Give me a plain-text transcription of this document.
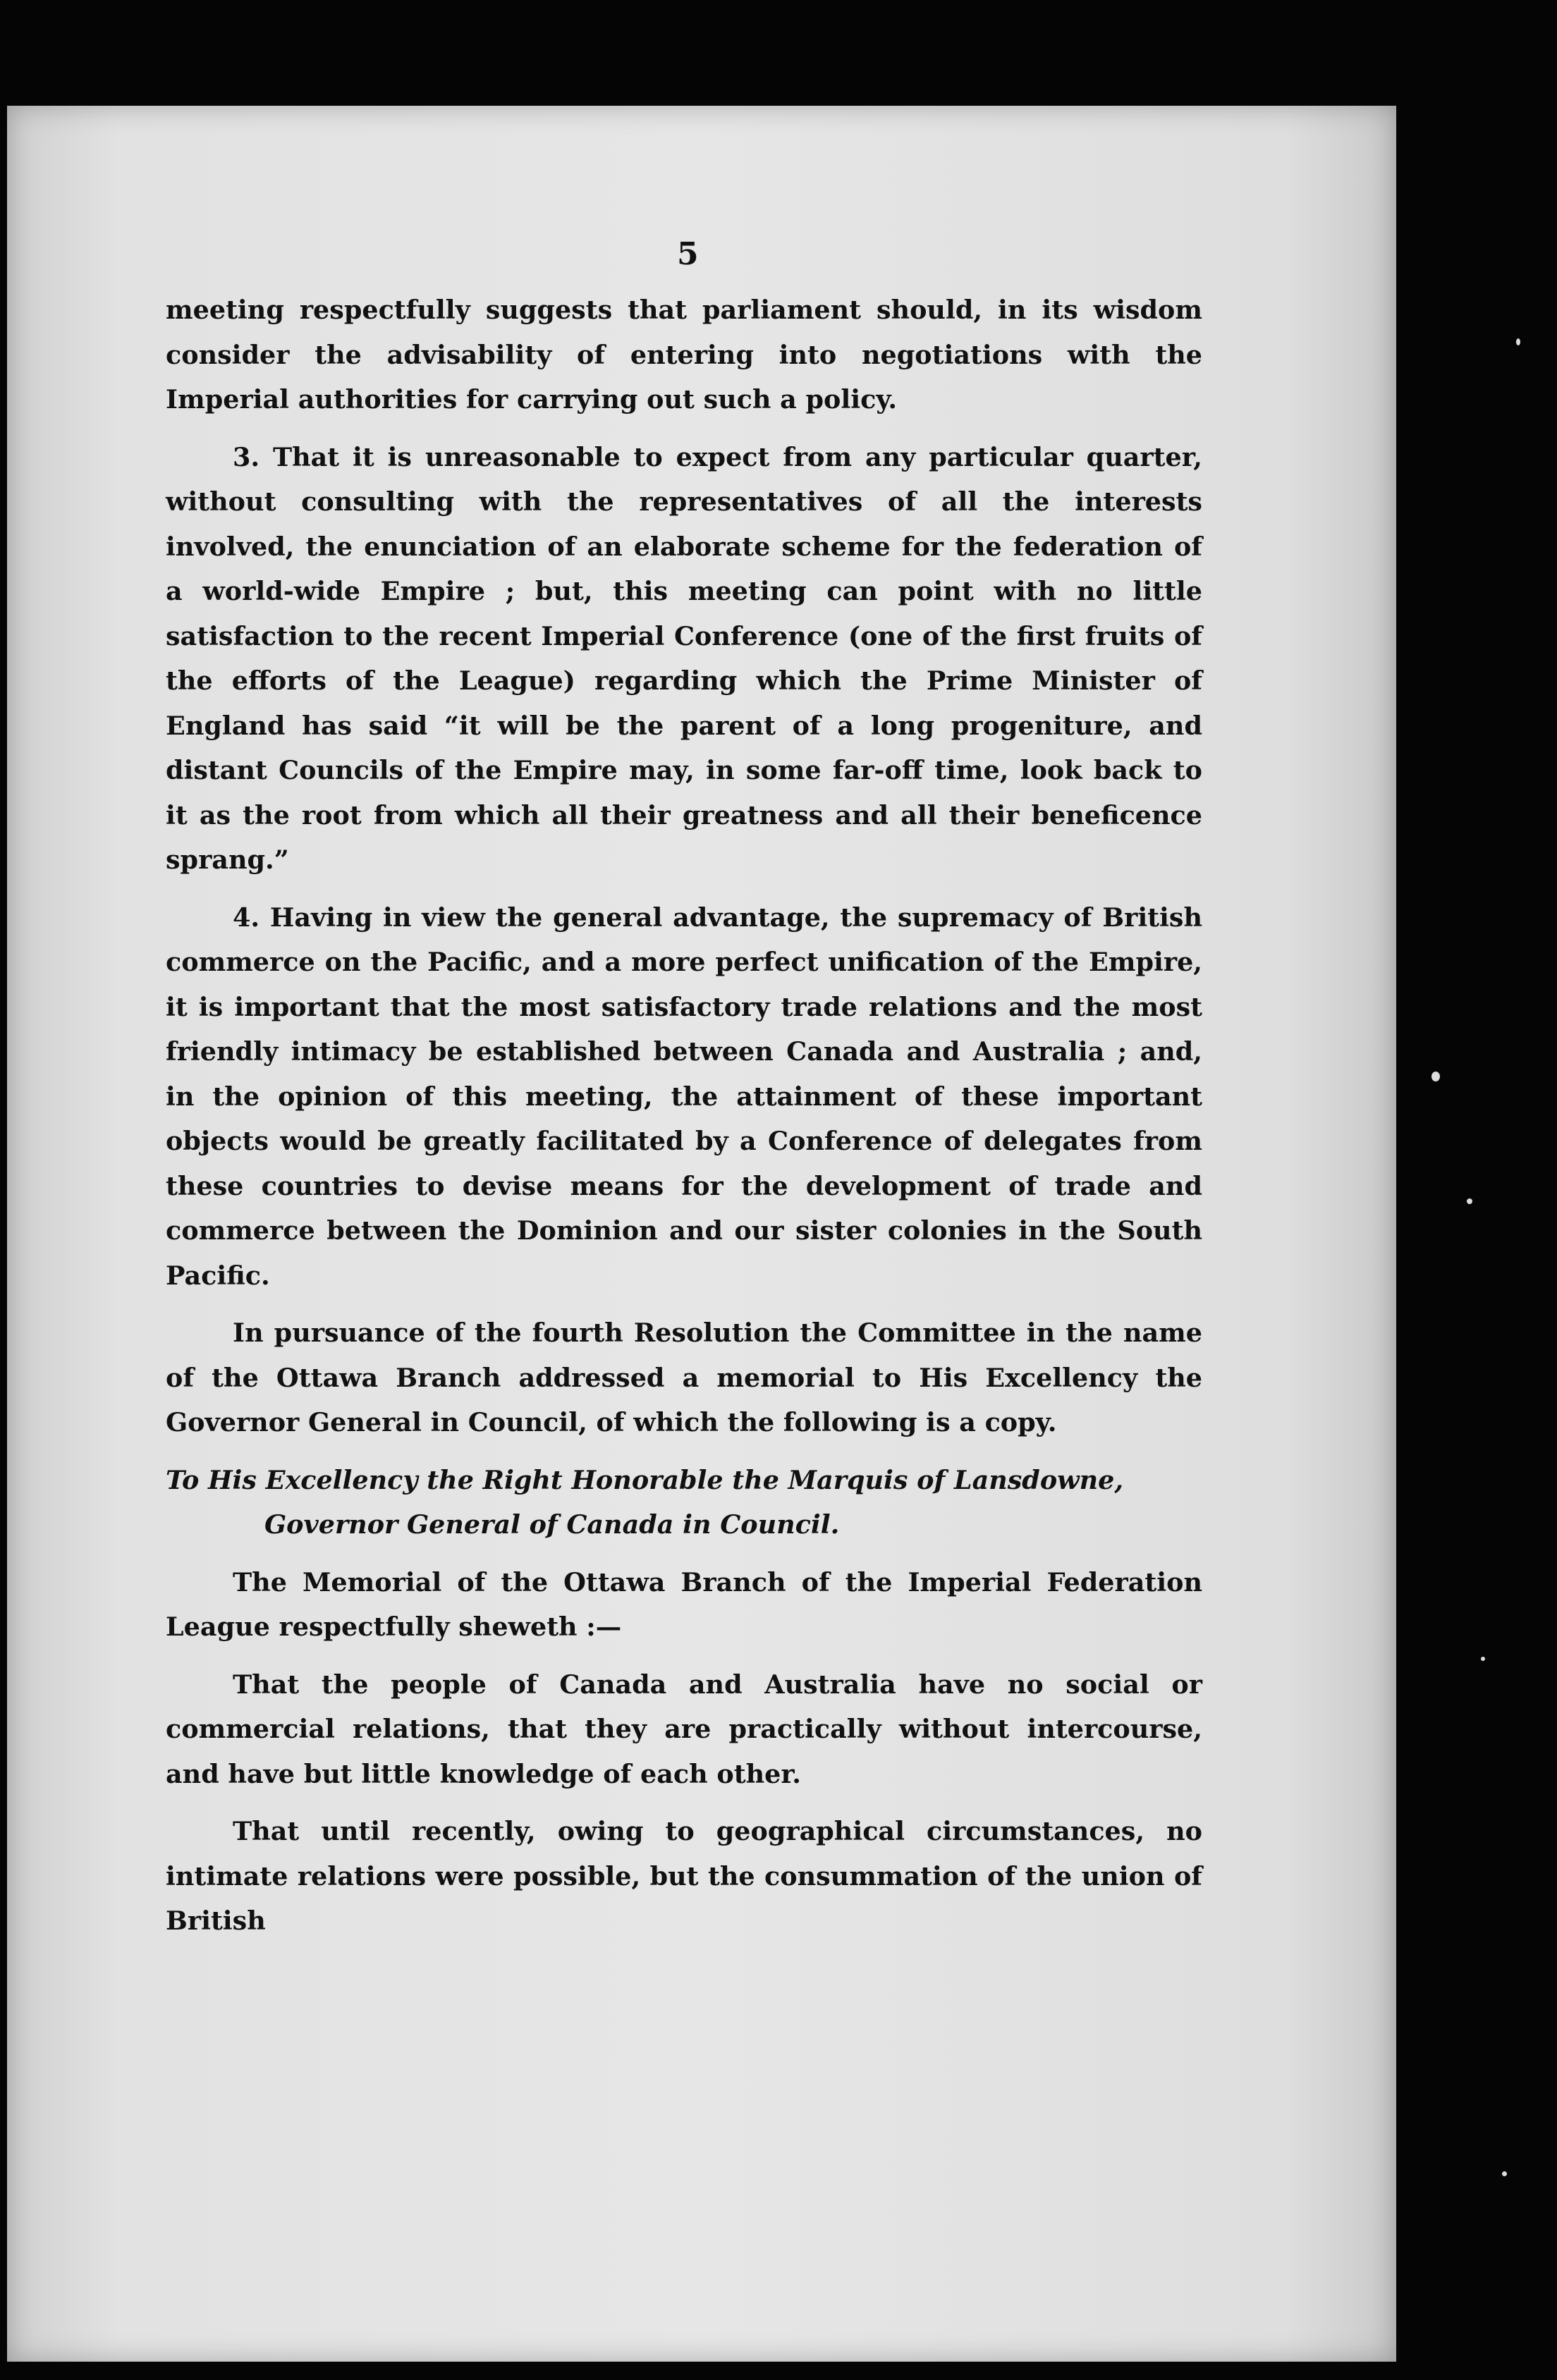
5

meeting respectfully suggests that parliament should, in its wisdom consider the advisability of entering into negotiations with the Imperial authorities for carrying out such a policy.

3. That it is unreasonable to expect from any particular quarter, without consulting with the representatives of all the interests involved, the enunciation of an elaborate scheme for the federation of a world-wide Empire ; but, this meeting can point with no little satisfaction to the recent Imperial Conference (one of the first fruits of the efforts of the League) regarding which the Prime Minister of England has said “it will be the parent of a long progeniture, and distant Councils of the Empire may, in some far-off time, look back to it as the root from which all their greatness and all their beneficence sprang.”

4. Having in view the general advantage, the supremacy of British commerce on the Pacific, and a more perfect unification of the Empire, it is important that the most satisfactory trade relations and the most friendly intimacy be established between Canada and Australia ; and, in the opinion of this meeting, the attainment of these important objects would be greatly facilitated by a Conference of delegates from these countries to devise means for the development of trade and commerce between the Dominion and our sister colonies in the South Pacific.

In pursuance of the fourth Resolution the Committee in the name of the Ottawa Branch addressed a memorial to His Excellency the Governor General in Council, of which the following is a copy.

To His Excellency the Right Honorable the Marquis of Lansdowne, Governor General of Canada in Council.

The Memorial of the Ottawa Branch of the Imperial Federation League respectfully sheweth :—

That the people of Canada and Australia have no social or commercial relations, that they are practically without intercourse, and have but little knowledge of each other.

That until recently, owing to geographical circumstances, no intimate relations were possible, but the consummation of the union of British
